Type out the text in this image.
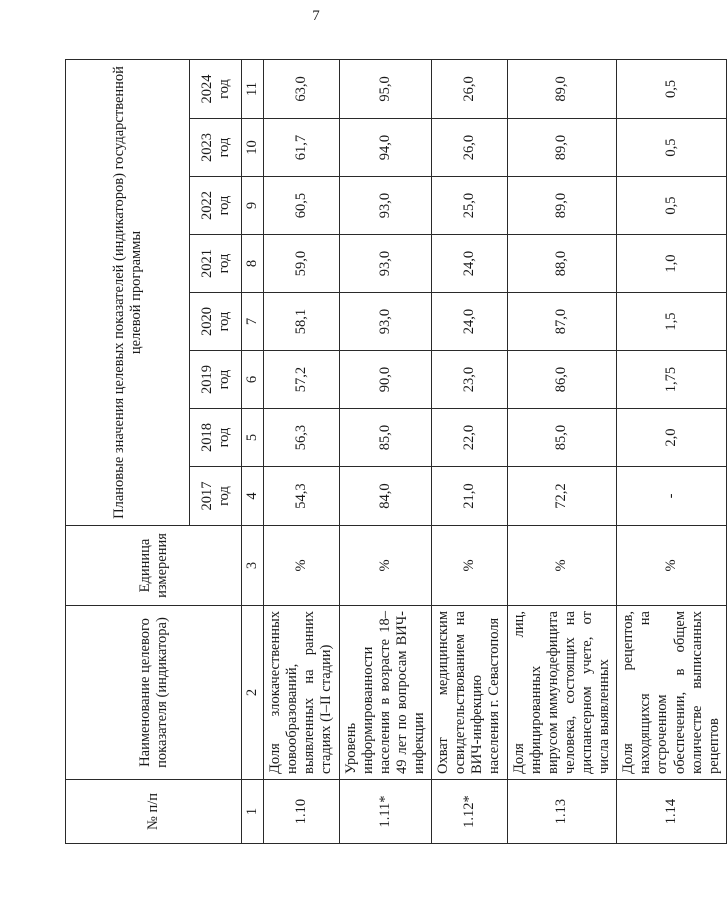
7
№ п/п	Наименование целевого показателя (индикатора)	Единица измерения	Плановые значения целевых показателей (индикаторов) государственной целевой программы							
			2017 год	2018 год	2019 год	2020 год	2021 год	2022 год	2023 год	2024 год
1	2	3	4	5	6	7	8	9	10	11
1.10	Доля злокачественных новообразований, выявленных на ранних стадиях (I–II стадии)	%	54,3	56,3	57,2	58,1	59,0	60,5	61,7	63,0
1.11*	Уровень информированности населения в возрасте 18–49 лет по вопросам ВИЧ-инфекции	%	84,0	85,0	90,0	93,0	93,0	93,0	94,0	95,0
1.12*	Охват медицинским освидетельствованием на ВИЧ-инфекцию населения г. Севастополя	%	21,0	22,0	23,0	24,0	24,0	25,0	26,0	26,0
1.13	Доля лиц, инфицированных вирусом иммунодефицита человека, состоящих на диспансерном учете, от числа выявленных	%	72,2	85,0	86,0	87,0	88,0	89,0	89,0	89,0
1.14	Доля рецептов, находящихся на отсроченном обеспечении, в общем количестве выписанных рецептов	%	-	2,0	1,75	1,5	1,0	0,5	0,5	0,5
